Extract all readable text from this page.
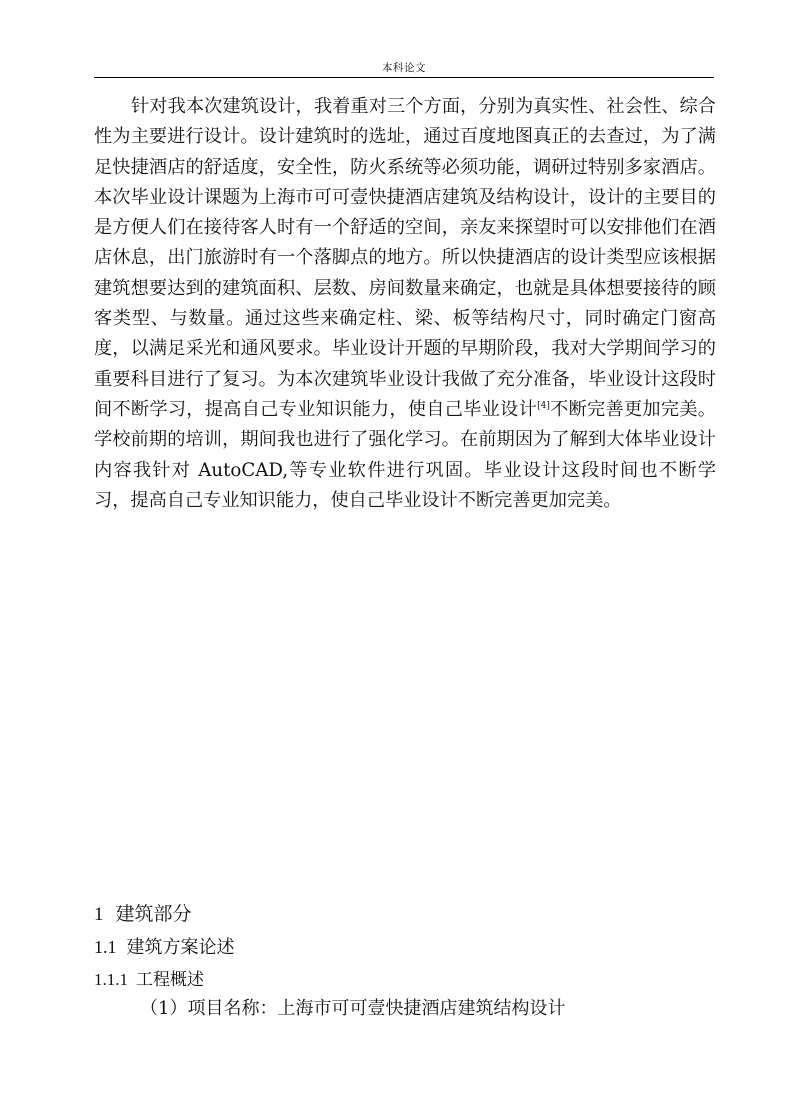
本科论文

针对我本次建筑设计，我着重对三个方面，分别为真实性、社会性、综合性为主要进行设计。设计建筑时的选址，通过百度地图真正的去查过，为了满足快捷酒店的舒适度，安全性，防火系统等必须功能，调研过特别多家酒店。本次毕业设计课题为上海市可可壹快捷酒店建筑及结构设计，设计的主要目的是方便人们在接待客人时有一个舒适的空间，亲友来探望时可以安排他们在酒店休息，出门旅游时有一个落脚点的地方。所以快捷酒店的设计类型应该根据建筑想要达到的建筑面积、层数、房间数量来确定，也就是具体想要接待的顾客类型、与数量。通过这些来确定柱、梁、板等结构尺寸，同时确定门窗高度，以满足采光和通风要求。毕业设计开题的早期阶段，我对大学期间学习的重要科目进行了复习。为本次建筑毕业设计我做了充分准备，毕业设计这段时间不断学习，提高自己专业知识能力，使自己毕业设计[4]不断完善更加完美。学校前期的培训，期间我也进行了强化学习。在前期因为了解到大体毕业设计内容我针对 AutoCAD,等专业软件进行巩固。毕业设计这段时间也不断学习，提高自己专业知识能力，使自己毕业设计不断完善更加完美。

1 建筑部分
1.1 建筑方案论述
1.1.1 工程概述
（1）项目名称：上海市可可壹快捷酒店建筑结构设计
